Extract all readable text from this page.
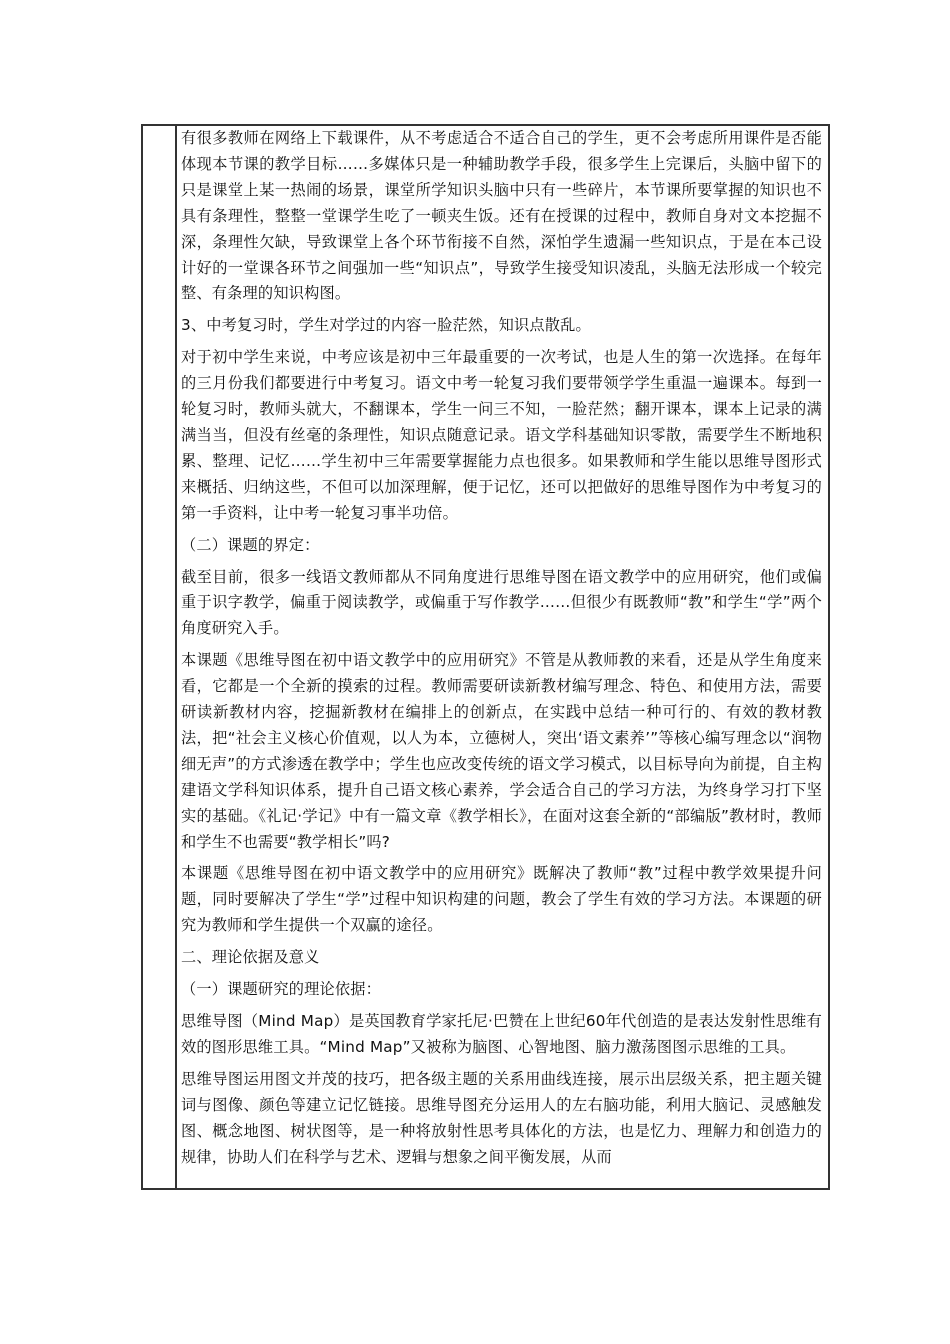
有很多教师在网络上下载课件，从不考虑适合不适合自己的学生，更不会考虑所用课件是否能体现本节课的教学目标……多媒体只是一种辅助教学手段，很多学生上完课后，头脑中留下的只是课堂上某一热闹的场景，课堂所学知识头脑中只有一些碎片，本节课所要掌握的知识也不具有条理性，整整一堂课学生吃了一顿夹生饭。还有在授课的过程中，教师自身对文本挖掘不深，条理性欠缺，导致课堂上各个环节衔接不自然，深怕学生遗漏一些知识点，于是在本己设计好的一堂课各环节之间强加一些“知识点”，导致学生接受知识凌乱，头脑无法形成一个较完整、有条理的知识构图。

3、中考复习时，学生对学过的内容一脸茫然，知识点散乱。

对于初中学生来说，中考应该是初中三年最重要的一次考试，也是人生的第一次选择。在每年的三月份我们都要进行中考复习。语文中考一轮复习我们要带领学学生重温一遍课本。每到一轮复习时，教师头就大，不翻课本，学生一问三不知，一脸茫然；翻开课本，课本上记录的满满当当，但没有丝毫的条理性，知识点随意记录。语文学科基础知识零散，需要学生不断地积累、整理、记忆……学生初中三年需要掌握能力点也很多。如果教师和学生能以思维导图形式来概括、归纳这些，不但可以加深理解，便于记忆，还可以把做好的思维导图作为中考复习的第一手资料，让中考一轮复习事半功倍。

（二）课题的界定：

截至目前，很多一线语文教师都从不同角度进行思维导图在语文教学中的应用研究，他们或偏重于识字教学，偏重于阅读教学，或偏重于写作教学……但很少有既教师“教”和学生“学”两个角度研究入手。

本课题《思维导图在初中语文教学中的应用研究》不管是从教师教的来看，还是从学生角度来看，它都是一个全新的摸索的过程。教师需要研读新教材编写理念、特色、和使用方法，需要研读新教材内容，挖掘新教材在编排上的创新点，在实践中总结一种可行的、有效的教材教法，把“社会主义核心价值观，以人为本，立德树人，突出‘语文素养’”等核心编写理念以“润物细无声”的方式渗透在教学中；学生也应改变传统的语文学习模式，以目标导向为前提，自主构建语文学科知识体系，提升自己语文核心素养，学会适合自己的学习方法，为终身学习打下坚实的基础。《礼记·学记》中有一篇文章《教学相长》，在面对这套全新的“部编版”教材时，教师和学生不也需要“教学相长”吗?

本课题《思维导图在初中语文教学中的应用研究》既解决了教师“教”过程中教学效果提升问题，同时要解决了学生“学”过程中知识构建的问题，教会了学生有效的学习方法。本课题的研究为教师和学生提供一个双赢的途径。

二、理论依据及意义

（一）课题研究的理论依据：

思维导图（Mind Map）是英国教育学家托尼·巴赞在上世纪60年代创造的是表达发射性思维有效的图形思维工具。“Mind Map”又被称为脑图、心智地图、脑力激荡图图示思维的工具。

思维导图运用图文并茂的技巧，把各级主题的关系用曲线连接，展示出层级关系，把主题关键词与图像、颜色等建立记忆链接。思维导图充分运用人的左右脑功能，利用大脑记、灵感触发图、概念地图、树状图等，是一种将放射性思考具体化的方法，也是忆力、理解力和创造力的规律，协助人们在科学与艺术、逻辑与想象之间平衡发展，从而
